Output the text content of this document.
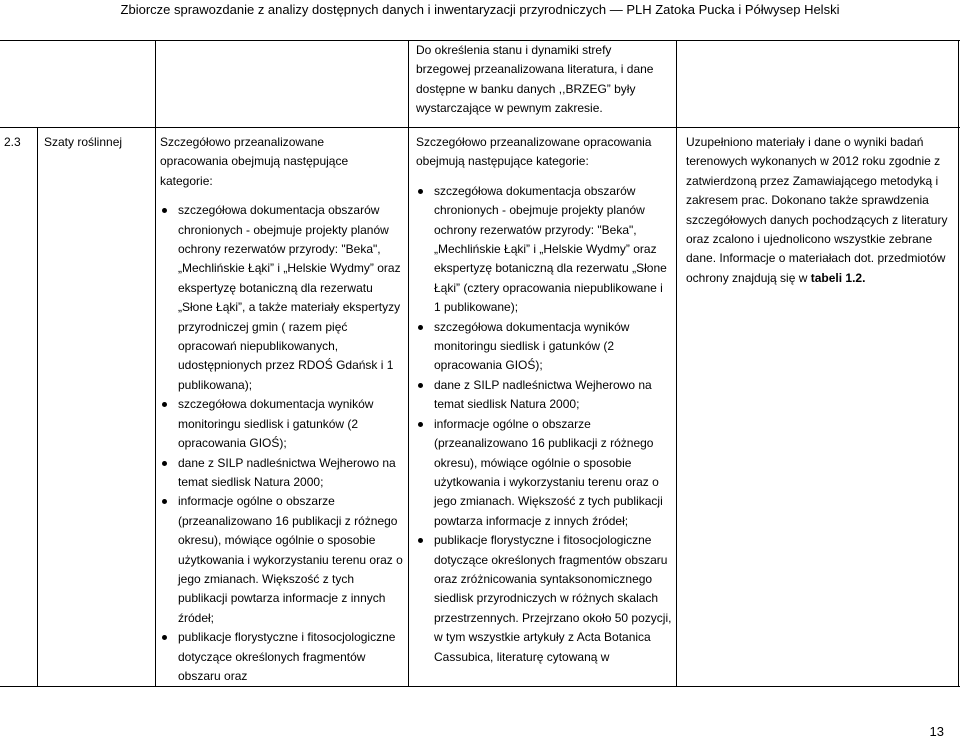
Zbiorcze sprawozdanie z analizy dostępnych danych i inwentaryzacji przyrodniczych — PLH Zatoka Pucka i Półwysep Helski

Do określenia stanu i dynamiki strefy brzegowej przeanalizowana literatura, i dane dostępne w banku danych ,,BRZEG” były wystarczające w pewnym zakresie.

2.3 Szaty roślinnej	Szczegółowo przeanalizowane opracowania obejmują następujące kategorie:

szczegółowa dokumentacja obszarów chronionych - obejmuje projekty planów ochrony rezerwatów przyrody: "Beka", „Mechlińskie Łąki” i „Helskie Wydmy” oraz ekspertyzę botaniczną dla rezerwatu „Słone Łąki”, a także materiały ekspertyzy przyrodniczej gmin ( razem pięć opracowań niepublikowanych, udostępnionych przez RDOŚ Gdańsk i 1 publikowana);
szczegółowa dokumentacja wyników monitoringu siedlisk i gatunków (2 opracowania GIOŚ);
dane z SILP nadleśnictwa Wejherowo na temat siedlisk Natura 2000;
informacje ogólne o obszarze (przeanalizowano 16 publikacji z różnego okresu), mówiące ogólnie o sposobie użytkowania i wykorzystaniu terenu oraz o jego zmianach. Większość z tych publikacji powtarza informacje z innych źródeł;
publikacje florystyczne i fitosocjologiczne dotyczące określonych fragmentów obszaru oraz

Szczegółowo przeanalizowane opracowania obejmują następujące kategorie:

szczegółowa dokumentacja obszarów chronionych - obejmuje projekty planów ochrony rezerwatów przyrody: "Beka", „Mechlińskie Łąki” i „Helskie Wydmy” oraz ekspertyzę botaniczną dla rezerwatu „Słone Łąki” (cztery opracowania niepublikowane i 1 publikowane);
szczegółowa dokumentacja wyników monitoringu siedlisk i gatunków (2 opracowania GIOŚ);
dane z SILP nadleśnictwa Wejherowo na temat siedlisk Natura 2000;
informacje ogólne o obszarze (przeanalizowano 16 publikacji z różnego okresu), mówiące ogólnie o sposobie użytkowania i wykorzystaniu terenu oraz o jego zmianach. Większość z tych publikacji powtarza informacje z innych źródeł;
publikacje florystyczne i fitosocjologiczne dotyczące określonych fragmentów obszaru oraz zróżnicowania syntaksonomicznego siedlisk przyrodniczych w różnych skalach przestrzennych. Przejrzano około 50 pozycji, w tym wszystkie artykuły z Acta Botanica Cassubica, literaturę cytowaną w

Uzupełniono materiały i dane o wyniki badań terenowych wykonanych w 2012 roku zgodnie z zatwierdzoną przez Zamawiającego metodyką i zakresem prac. Dokonano także sprawdzenia szczegółowych danych pochodzących z literatury oraz zcalono i ujednolicono wszystkie zebrane dane. Informacje o materiałach dot. przedmiotów ochrony znajdują się w tabeli 1.2.

13
